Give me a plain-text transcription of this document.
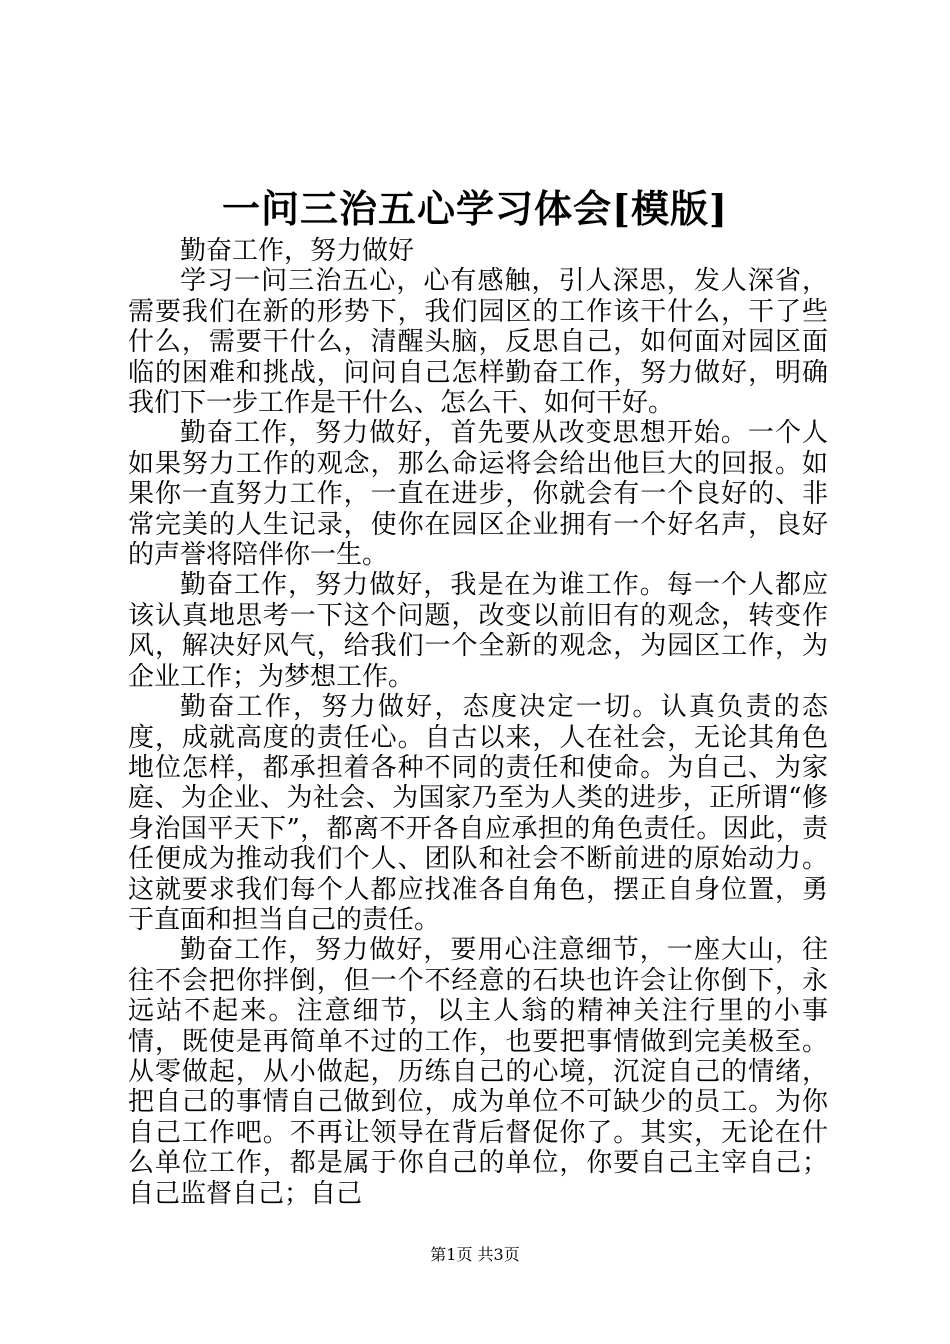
一问三治五心学习体会[模版]

勤奋工作，努力做好

学习一问三治五心，心有感触，引人深思，发人深省，需要我们在新的形势下，我们园区的工作该干什么，干了些什么，需要干什么，清醒头脑，反思自己，如何面对园区面临的困难和挑战，问问自己怎样勤奋工作，努力做好，明确我们下一步工作是干什么、怎么干、如何干好。

勤奋工作，努力做好，首先要从改变思想开始。一个人如果努力工作的观念，那么命运将会给出他巨大的回报。如果你一直努力工作，一直在进步，你就会有一个良好的、非常完美的人生记录，使你在园区企业拥有一个好名声，良好的声誉将陪伴你一生。

勤奋工作，努力做好，我是在为谁工作。每一个人都应该认真地思考一下这个问题，改变以前旧有的观念，转变作风，解决好风气，给我们一个全新的观念，为园区工作，为企业工作；为梦想工作。

勤奋工作，努力做好，态度决定一切。认真负责的态度，成就高度的责任心。自古以来，人在社会，无论其角色地位怎样，都承担着各种不同的责任和使命。为自己、为家庭、为企业、为社会、为国家乃至为人类的进步，正所谓“修身治国平天下”，都离不开各自应承担的角色责任。因此，责任便成为推动我们个人、团队和社会不断前进的原始动力。这就要求我们每个人都应找准各自角色，摆正自身位置，勇于直面和担当自己的责任。

勤奋工作，努力做好，要用心注意细节，一座大山，往往不会把你拌倒，但一个不经意的石块也许会让你倒下，永远站不起来。注意细节，以主人翁的精神关注行里的小事情，既使是再简单不过的工作，也要把事情做到完美极至。从零做起，从小做起，历练自己的心境，沉淀自己的情绪，把自己的事情自己做到位，成为单位不可缺少的员工。为你自己工作吧。不再让领导在背后督促你了。其实，无论在什么单位工作，都是属于你自己的单位，你要自己主宰自己；自己监督自己；自己

第1页 共3页
